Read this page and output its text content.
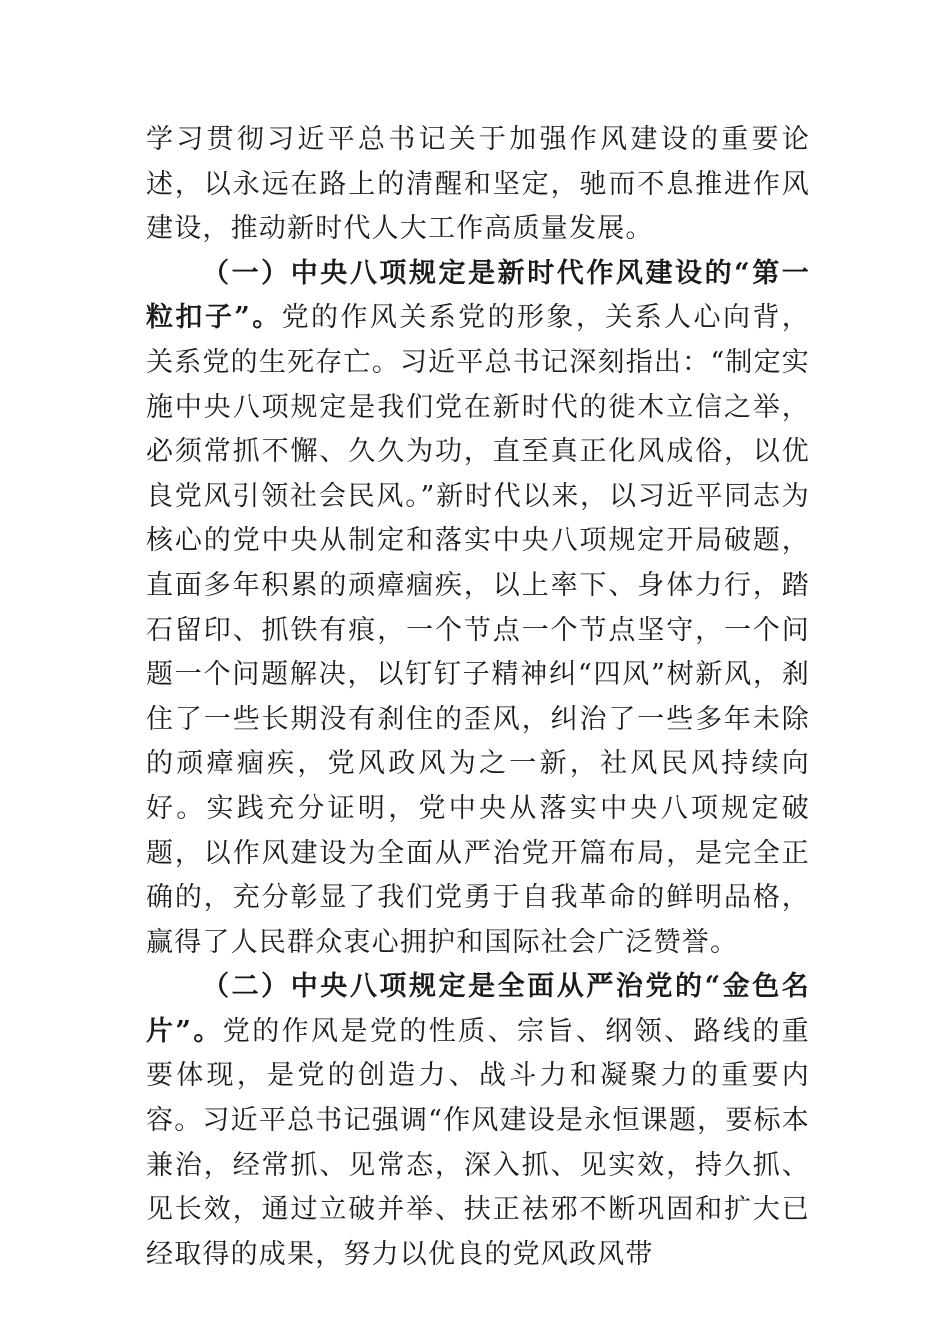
学习贯彻习近平总书记关于加强作风建设的重要论述，以永远在路上的清醒和坚定，驰而不息推进作风建设，推动新时代人大工作高质量发展。

（一）中央八项规定是新时代作风建设的“第一粒扣子”。党的作风关系党的形象，关系人心向背，关系党的生死存亡。习近平总书记深刻指出：“制定实施中央八项规定是我们党在新时代的徙木立信之举，必须常抓不懈、久久为功，直至真正化风成俗，以优良党风引领社会民风。”新时代以来，以习近平同志为核心的党中央从制定和落实中央八项规定开局破题，直面多年积累的顽瘴痼疾，以上率下、身体力行，踏石留印、抓铁有痕，一个节点一个节点坚守，一个问题一个问题解决，以钉钉子精神纠“四风”树新风，刹住了一些长期没有刹住的歪风，纠治了一些多年未除的顽瘴痼疾，党风政风为之一新，社风民风持续向好。实践充分证明，党中央从落实中央八项规定破题，以作风建设为全面从严治党开篇布局，是完全正确的，充分彰显了我们党勇于自我革命的鲜明品格，赢得了人民群众衷心拥护和国际社会广泛赞誉。

（二）中央八项规定是全面从严治党的“金色名片”。党的作风是党的性质、宗旨、纲领、路线的重要体现，是党的创造力、战斗力和凝聚力的重要内容。习近平总书记强调“作风建设是永恒课题，要标本兼治，经常抓、见常态，深入抓、见实效，持久抓、见长效，通过立破并举、扶正祛邪不断巩固和扩大已经取得的成果，努力以优良的党风政风带
